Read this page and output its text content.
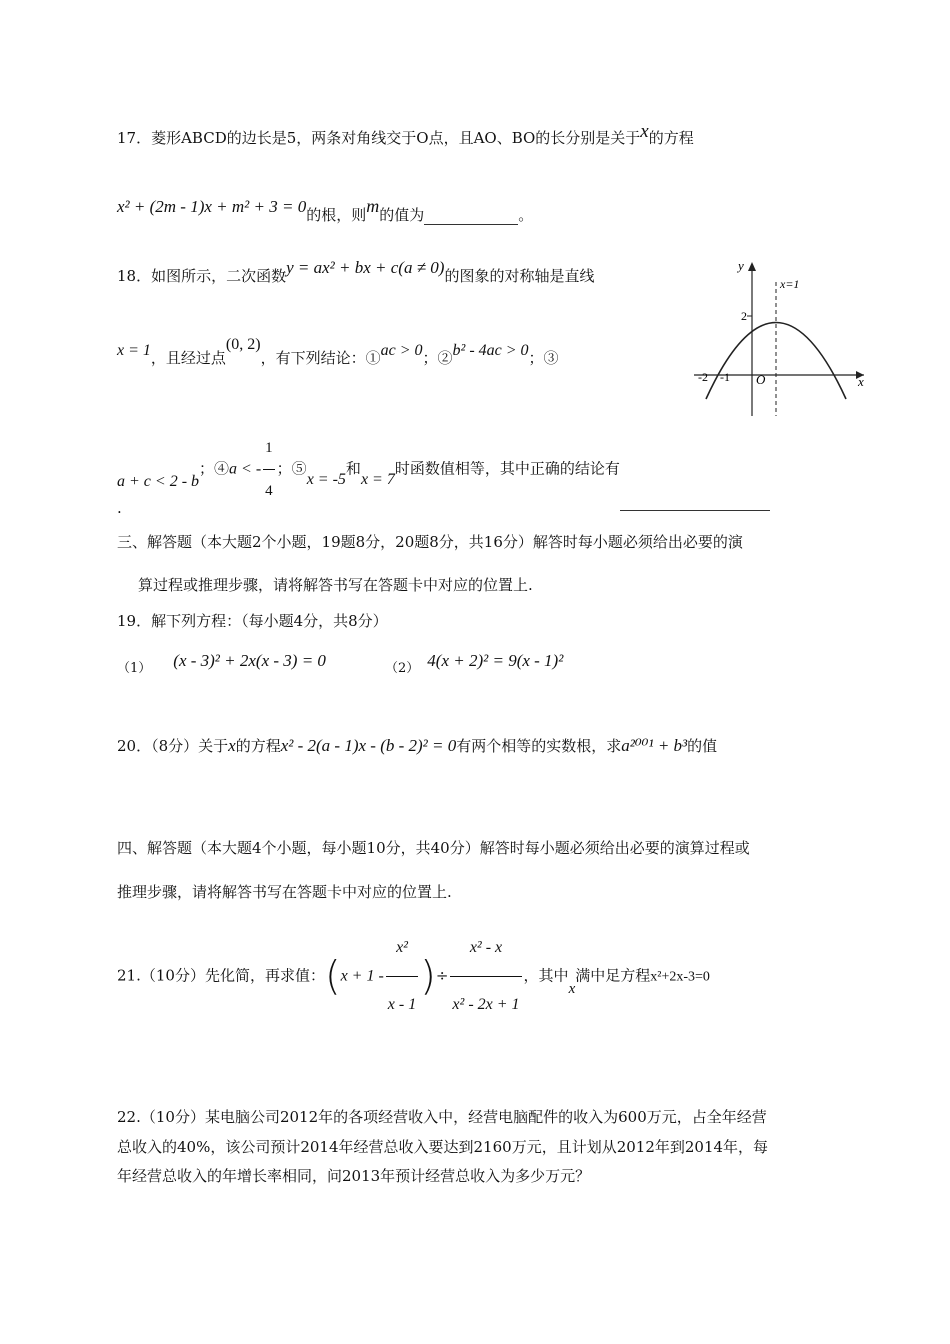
17．菱形ABCD的边长是5，两条对角线交于O点，且AO、BO的长分别是关于x的方程
x² + (2m - 1)x + m² + 3 = 0的根，则m的值为	。
18．如图所示，二次函数y = ax² + bx + c(a ≠ 0)的图象的对称轴是直线
x = 1，且经过点(0, 2)，有下列结论：①ac > 0；②b² - 4ac > 0；③
a + c < 2 - b；④a < - $\frac{1}{4}$ ；⑤x = -5和x = 7时函数值相等，其中正确的结论有
.
y
x=1
2
-2 -1 O	x
三、解答题（本大题2个小题，19题8分，20题8分，共16分）解答时每小题必须给出必要的演
算过程或推理步骤，请将解答书写在答题卡中对应的位置上.
19．解下列方程：（每小题4分，共8分）
（1） (x - 3)² + 2x(x - 3) = 0	（2） 4(x + 2)² = 9(x - 1)²
20．（8分）关于x的方程x² - 2(a - 1)x - (b - 2)² = 0有两个相等的实数根，求a²⁰⁰¹ + b³的值
四、解答题（本大题4个小题，每小题10分，共40分）解答时每小题必须给出必要的演算过程或
推理步骤，请将解答书写在答题卡中对应的位置上.
21.（10分）先化简，再求值：($x + 1 - \frac{\text{x²}}{x - 1}$ )÷ $\frac{\text{x² - x}}{\text{x² - 2x + 1}}$ ，其中x满中足方程x²+2x-3=0
22.（10分）某电脑公司2012年的各项经营收入中，经营电脑配件的收入为600万元，占全年经营
总收入的40%，该公司预计2014年经营总收入要达到2160万元，且计划从2012年到2014年，每
年经营总收入的年增长率相同，问2013年预计经营总收入为多少万元？
